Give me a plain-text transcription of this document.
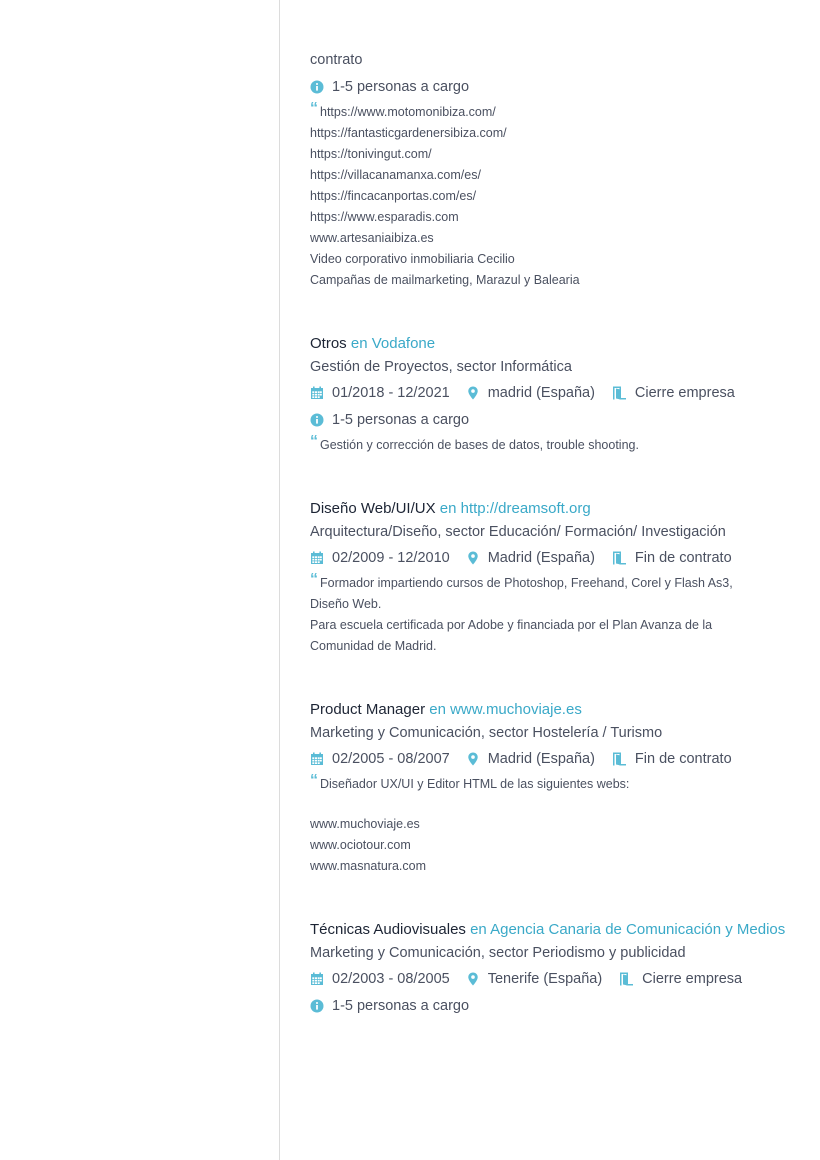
contrato
1-5 personas a cargo
“ https://www.motomonibiza.com/
https://fantasticgardenersibiza.com/
https://tonivingut.com/
https://villacanamanxa.com/es/
https://fincacanportas.com/es/
https://www.esparadis.com
www.artesaniaibiza.es
Video corporativo inmobiliaria Cecilio
Campañas de mailmarketing, Marazul y Balearia
Otros en Vodafone
Gestión de Proyectos, sector Informática
01/2018 - 12/2021	madrid (España)	Cierre empresa
1-5 personas a cargo
“ Gestión y corrección de bases de datos, trouble shooting.
Diseño Web/UI/UX en http://dreamsoft.org
Arquitectura/Diseño, sector Educación/ Formación/ Investigación
02/2009 - 12/2010	Madrid (España)	Fin de contrato
“ Formador impartiendo cursos de Photoshop, Freehand, Corel y Flash As3,
Diseño Web.
Para escuela certificada por Adobe y financiada por el Plan Avanza de la
Comunidad de Madrid.
Product Manager en www.muchoviaje.es
Marketing y Comunicación, sector Hostelería / Turismo
02/2005 - 08/2007	Madrid (España)	Fin de contrato
“ Diseñador UX/UI y Editor HTML de las siguientes webs:
www.muchoviaje.es
www.ociotour.com
www.masnatura.com
Técnicas Audiovisuales en Agencia Canaria de Comunicación y Medios
Marketing y Comunicación, sector Periodismo y publicidad
02/2003 - 08/2005	Tenerife (España)	Cierre empresa
1-5 personas a cargo
